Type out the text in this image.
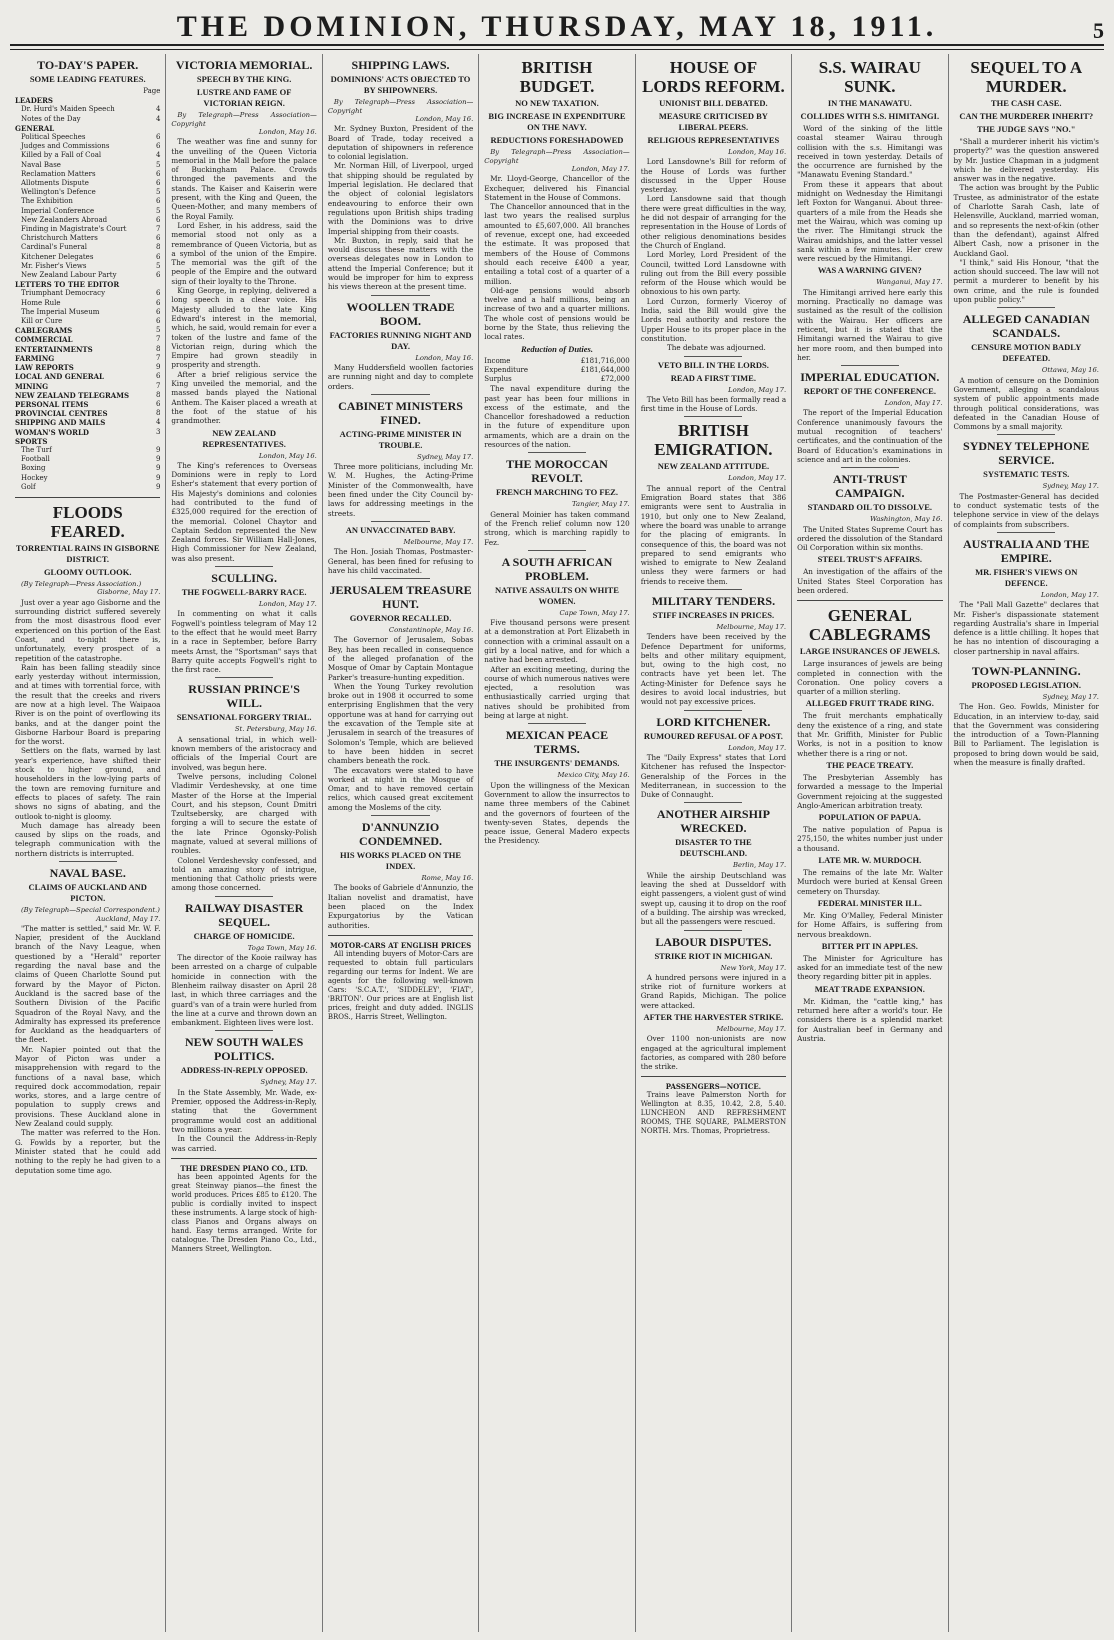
THE DOMINION, THURSDAY, MAY 18, 1911.	5
TO-DAY'S PAPER.
SOME LEADING FEATURES.
Page
LEADERS
Dr. Hurd's Maiden Speech	4
Notes of the Day	4
GENERAL
Political Speeches	6
Judges and Commissions	6
Killed by a Fall of Coal	4
Naval Base	5
Reclamation Matters	6
Allotments Dispute	6
Wellington's Defence	5
The Exhibition	6
Imperial Conference	5
New Zealanders Abroad	6
Finding in Magistrate's Court	7
Christchurch Matters	6
Cardinal's Funeral	8
Kitchener Delegates	6
Mr. Fisher's Views	5
New Zealand Labour Party	6
LETTERS TO THE EDITOR
Triumphant Democracy	6
Home Rule	6
The Imperial Museum	6
Kill or Cure	6
CABLEGRAMS	5
COMMERCIAL	7
ENTERTAINMENTS	8
FARMING	7
LAW REPORTS	9
LOCAL AND GENERAL	6
MINING	7
NEW ZEALAND TELEGRAMS	8
PERSONAL ITEMS	6
PROVINCIAL CENTRES	8
SHIPPING AND MAILS	4
WOMAN'S WORLD	3
SPORTS
The Turf	9
Football	9
Boxing	9
Hockey	9
Golf	9
FLOODS FEARED.
TORRENTIAL RAINS IN GISBORNE DISTRICT.
GLOOMY OUTLOOK.
(By Telegraph—Press Association.)
Gisborne, May 17.

Just over a year ago Gisborne and the surrounding district suffered severely from the most disastrous flood ever experienced on this portion of the East Coast, and to-night there is, unfortunately, every prospect of a repetition of the catastrophe.

Rain has been falling steadily since early yesterday without intermission, and at times with torrential force, with the result that the creeks and rivers are now at a high level. The Waipaoa River is on the point of overflowing its banks, and at the danger point the Gisborne Harbour Board is preparing for the worst.

Settlers on the flats, warned by last year's experience, have shifted their stock to higher ground, and householders in the low-lying parts of the town are removing furniture and effects to places of safety. The rain shows no signs of abating, and the outlook to-night is gloomy.

Much damage has already been caused by slips on the roads, and telegraph communication with the northern districts is interrupted.

NAVAL BASE.
CLAIMS OF AUCKLAND AND PICTON.
(By Telegraph—Special Correspondent.)
Auckland, May 17.

"The matter is settled," said Mr. W. F. Napier, president of the Auckland branch of the Navy League, when questioned by a "Herald" reporter regarding the naval base and the claims of Queen Charlotte Sound put forward by the Mayor of Picton. Auckland is the sacred base of the Southern Division of the Pacific Squadron of the Royal Navy, and the Admiralty has expressed its preference for Auckland as the headquarters of the fleet.

Mr. Napier pointed out that the Mayor of Picton was under a misapprehension with regard to the functions of a naval base, which required dock accommodation, repair works, stores, and a large centre of population to supply crews and provisions. These Auckland alone in New Zealand could supply.

The matter was referred to the Hon. G. Fowlds by a reporter, but the Minister stated that he could add nothing to the reply he had given to a deputation some time ago.

VICTORIA MEMORIAL.
SPEECH BY THE KING.
LUSTRE AND FAME OF VICTORIAN REIGN.
By Telegraph—Press Association—Copyright
London, May 16.

The weather was fine and sunny for the unveiling of the Queen Victoria memorial in the Mall before the palace of Buckingham Palace. Crowds thronged the pavements and the stands. The Kaiser and Kaiserin were present, with the King and Queen, the Queen-Mother, and many members of the Royal Family.

Lord Esher, in his address, said the memorial stood not only as a remembrance of Queen Victoria, but as a symbol of the union of the Empire. The memorial was the gift of the people of the Empire and the outward sign of their loyalty to the Throne.

King George, in replying, delivered a long speech in a clear voice. His Majesty alluded to the late King Edward's interest in the memorial, which, he said, would remain for ever a token of the lustre and fame of the Victorian reign, during which the Empire had grown steadily in prosperity and strength.

After a brief religious service the King unveiled the memorial, and the massed bands played the National Anthem. The Kaiser placed a wreath at the foot of the statue of his grandmother.

NEW ZEALAND REPRESENTATIVES.
London, May 16.

The King's references to Overseas Dominions were in reply to Lord Esher's statement that every portion of His Majesty's dominions and colonies had contributed to the fund of £325,000 required for the erection of the memorial. Colonel Chaytor and Captain Seddon represented the New Zealand forces. Sir William Hall-Jones, High Commissioner for New Zealand, was also present.

SCULLING.
THE FOGWELL-BARRY RACE.
London, May 17.

In commenting on what it calls Fogwell's pointless telegram of May 12 to the effect that he would meet Barry in a race in September, before Barry meets Arnst, the "Sportsman" says that Barry quite accepts Fogwell's right to the first race.

RUSSIAN PRINCE'S WILL.
SENSATIONAL FORGERY TRIAL.
St. Petersburg, May 16.

A sensational trial, in which well-known members of the aristocracy and officials of the Imperial Court are involved, was begun here.

Twelve persons, including Colonel Vladimir Verdeshevsky, at one time Master of the Horse at the Imperial Court, and his stepson, Count Dmitri Tzultsebersky, are charged with forging a will to secure the estate of the late Prince Ogonsky-Polish magnate, valued at several millions of roubles.

Colonel Verdeshevsky confessed, and told an amazing story of intrigue, mentioning that Catholic priests were among those concerned.

RAILWAY DISASTER SEQUEL.
CHARGE OF HOMICIDE.
Toga Town, May 16.

The director of the Kooie railway has been arrested on a charge of culpable homicide in connection with the Blenheim railway disaster on April 28 last, in which three carriages and the guard's van of a train were hurled from the line at a curve and thrown down an embankment. Eighteen lives were lost.

NEW SOUTH WALES POLITICS.
ADDRESS-IN-REPLY OPPOSED.
Sydney, May 17.

In the State Assembly, Mr. Wade, ex-Premier, opposed the Address-in-Reply, stating that the Government programme would cost an additional two millions a year.

In the Council the Address-in-Reply was carried.

THE DRESDEN PIANO CO., LTD.
has been appointed Agents for the great Steinway pianos—the finest the world produces. Prices £85 to £120. The public is cordially invited to inspect these instruments. A large stock of high-class Pianos and Organs always on hand. Easy terms arranged. Write for catalogue. The Dresden Piano Co., Ltd., Manners Street, Wellington.
SHIPPING LAWS.
DOMINIONS' ACTS OBJECTED TO BY SHIPOWNERS.
By Telegraph—Press Association—Copyright
London, May 16.

Mr. Sydney Buxton, President of the Board of Trade, today received a deputation of shipowners in reference to colonial legislation.

Mr. Norman Hill, of Liverpool, urged that shipping should be regulated by Imperial legislation. He declared that the object of colonial legislators endeavouring to enforce their own regulations upon British ships trading with the Dominions was to drive Imperial shipping from their coasts.

Mr. Buxton, in reply, said that he would discuss these matters with the overseas delegates now in London to attend the Imperial Conference; but it would be improper for him to express his views thereon at the present time.

WOOLLEN TRADE BOOM.
FACTORIES RUNNING NIGHT AND DAY.
London, May 16.

Many Huddersfield woollen factories are running night and day to complete orders.

CABINET MINISTERS FINED.
ACTING-PRIME MINISTER IN TROUBLE.
Sydney, May 17.

Three more politicians, including Mr. W. M. Hughes, the Acting-Prime Minister of the Commonwealth, have been fined under the City Council by-laws for addressing meetings in the streets.

AN UNVACCINATED BABY.
Melbourne, May 17.

The Hon. Josiah Thomas, Postmaster-General, has been fined for refusing to have his child vaccinated.

JERUSALEM TREASURE HUNT.
GOVERNOR RECALLED.
Constantinople, May 16.

The Governor of Jerusalem, Sobas Bey, has been recalled in consequence of the alleged profanation of the Mosque of Omar by Captain Montague Parker's treasure-hunting expedition.

When the Young Turkey revolution broke out in 1908 it occurred to some enterprising Englishmen that the very opportune was at hand for carrying out the excavation of the Temple site at Jerusalem in search of the treasures of Solomon's Temple, which are believed to have been hidden in secret chambers beneath the rock.

The excavators were stated to have worked at night in the Mosque of Omar, and to have removed certain relics, which caused great excitement among the Moslems of the city.

D'ANNUNZIO CONDEMNED.
HIS WORKS PLACED ON THE INDEX.
Rome, May 16.

The books of Gabriele d'Annunzio, the Italian novelist and dramatist, have been placed on the Index Expurgatorius by the Vatican authorities.

MOTOR-CARS AT ENGLISH PRICES
All intending buyers of Motor-Cars are requested to obtain full particulars regarding our terms for Indent. We are agents for the following well-known Cars: 'S.C.A.T.', 'SIDDELEY', 'FIAT', 'BRITON'. Our prices are at English list prices, freight and duty added. INGLIS BROS., Harris Street, Wellington.
BRITISH BUDGET.
NO NEW TAXATION.
BIG INCREASE IN EXPENDITURE ON THE NAVY.
REDUCTIONS FORESHADOWED
By Telegraph—Press Association—Copyright
London, May 17.

Mr. Lloyd-George, Chancellor of the Exchequer, delivered his Financial Statement in the House of Commons.

The Chancellor announced that in the last two years the realised surplus amounted to £5,607,000. All branches of revenue, except one, had exceeded the estimate. It was proposed that members of the House of Commons should each receive £400 a year, entailing a total cost of a quarter of a million.

Old-age pensions would absorb twelve and a half millions, being an increase of two and a quarter millions. The whole cost of pensions would be borne by the State, thus relieving the local rates.

Reduction of Duties.
Income	£181,716,000
Expenditure	£181,644,000
Surplus	£72,000

The naval expenditure during the past year has been four millions in excess of the estimate, and the Chancellor foreshadowed a reduction in the future of expenditure upon armaments, which are a drain on the resources of the nation.

THE MOROCCAN REVOLT.
FRENCH MARCHING TO FEZ.
Tangier, May 17.

General Moinier has taken command of the French relief column now 120 strong, which is marching rapidly to Fez.

A SOUTH AFRICAN PROBLEM.
NATIVE ASSAULTS ON WHITE WOMEN.
Cape Town, May 17.

Five thousand persons were present at a demonstration at Port Elizabeth in connection with a criminal assault on a girl by a local native, and for which a native had been arrested.

After an exciting meeting, during the course of which numerous natives were ejected, a resolution was enthusiastically carried urging that natives should be prohibited from being at large at night.

MEXICAN PEACE TERMS.
THE INSURGENTS' DEMANDS.
Mexico City, May 16.

Upon the willingness of the Mexican Government to allow the insurrectos to name three members of the Cabinet and the governors of fourteen of the twenty-seven States, depends the peace issue, General Madero expects the Presidency.

HOUSE OF LORDS REFORM.
UNIONIST BILL DEBATED.
MEASURE CRITICISED BY LIBERAL PEERS.
RELIGIOUS REPRESENTATIVES
London, May 16.

Lord Lansdowne's Bill for reform of the House of Lords was further discussed in the Upper House yesterday.

Lord Lansdowne said that though there were great difficulties in the way, he did not despair of arranging for the representation in the House of Lords of other religious denominations besides the Church of England.

Lord Morley, Lord President of the Council, twitted Lord Lansdowne with ruling out from the Bill every possible reform of the House which would be obnoxious to his own party.

Lord Curzon, formerly Viceroy of India, said the Bill would give the Lords real authority and restore the Upper House to its proper place in the constitution.

The debate was adjourned.

VETO BILL IN THE LORDS.
READ A FIRST TIME.
London, May 17.

The Veto Bill has been formally read a first time in the House of Lords.

BRITISH EMIGRATION.
NEW ZEALAND ATTITUDE.
London, May 17.

The annual report of the Central Emigration Board states that 386 emigrants were sent to Australia in 1910, but only one to New Zealand, where the board was unable to arrange for the placing of emigrants. In consequence of this, the board was not prepared to send emigrants who wished to emigrate to New Zealand unless they were farmers or had friends to receive them.

MILITARY TENDERS.
STIFF INCREASES IN PRICES.
Melbourne, May 17.

Tenders have been received by the Defence Department for uniforms, belts and other military equipment, but, owing to the high cost, no contracts have yet been let. The Acting-Minister for Defence says he desires to avoid local industries, but would not pay excessive prices.

LORD KITCHENER.
RUMOURED REFUSAL OF A POST.
London, May 17.

The "Daily Express" states that Lord Kitchener has refused the Inspector-Generalship of the Forces in the Mediterranean, in succession to the Duke of Connaught.

ANOTHER AIRSHIP WRECKED.
DISASTER TO THE DEUTSCHLAND.
Berlin, May 17.

While the airship Deutschland was leaving the shed at Dusseldorf with eight passengers, a violent gust of wind swept up, causing it to drop on the roof of a building. The airship was wrecked, but all the passengers were rescued.

LABOUR DISPUTES.
STRIKE RIOT IN MICHIGAN.
New York, May 17.

A hundred persons were injured in a strike riot of furniture workers at Grand Rapids, Michigan. The police were attacked.

AFTER THE HARVESTER STRIKE.
Melbourne, May 17.

Over 1100 non-unionists are now engaged at the agricultural implement factories, as compared with 280 before the strike.

PASSENGERS—NOTICE.
Trains leave Palmerston North for Wellington at 8.35, 10.42, 2.8, 5.40. LUNCHEON AND REFRESHMENT ROOMS, THE SQUARE, PALMERSTON NORTH. Mrs. Thomas, Proprietress.
S.S. WAIRAU SUNK.
IN THE MANAWATU.
COLLIDES WITH S.S. HIMITANGI.

Word of the sinking of the little coastal steamer Wairau through collision with the s.s. Himitangi was received in town yesterday. Details of the occurrence are furnished by the "Manawatu Evening Standard."

From these it appears that about midnight on Wednesday the Himitangi left Foxton for Wanganui. About three-quarters of a mile from the Heads she met the Wairau, which was coming up the river. The Himitangi struck the Wairau amidships, and the latter vessel sank within a few minutes. Her crew were rescued by the Himitangi.

WAS A WARNING GIVEN?
Wanganui, May 17.

The Himitangi arrived here early this morning. Practically no damage was sustained as the result of the collision with the Wairau. Her officers are reticent, but it is stated that the Himitangi warned the Wairau to give her more room, and then bumped into her.

IMPERIAL EDUCATION.
REPORT OF THE CONFERENCE.
London, May 17.

The report of the Imperial Education Conference unanimously favours the mutual recognition of teachers' certificates, and the continuation of the Board of Education's examinations in science and art in the colonies.

ANTI-TRUST CAMPAIGN.
STANDARD OIL TO DISSOLVE.
Washington, May 16.

The United States Supreme Court has ordered the dissolution of the Standard Oil Corporation within six months.

STEEL TRUST'S AFFAIRS.

An investigation of the affairs of the United States Steel Corporation has been ordered.

GENERAL CABLEGRAMS
LARGE INSURANCES OF JEWELS.

Large insurances of jewels are being completed in connection with the Coronation. One policy covers a quarter of a million sterling.

ALLEGED FRUIT TRADE RING.

The fruit merchants emphatically deny the existence of a ring, and state that Mr. Griffith, Minister for Public Works, is not in a position to know whether there is a ring or not.

THE PEACE TREATY.

The Presbyterian Assembly has forwarded a message to the Imperial Government rejoicing at the suggested Anglo-American arbitration treaty.

POPULATION OF PAPUA.

The native population of Papua is 275,150, the whites number just under a thousand.

LATE MR. W. MURDOCH.

The remains of the late Mr. Walter Murdoch were buried at Kensal Green cemetery on Thursday.

FEDERAL MINISTER ILL.

Mr. King O'Malley, Federal Minister for Home Affairs, is suffering from nervous breakdown.

BITTER PIT IN APPLES.

The Minister for Agriculture has asked for an immediate test of the new theory regarding bitter pit in apples.

MEAT TRADE EXPANSION.

Mr. Kidman, the "cattle king," has returned here after a world's tour. He considers there is a splendid market for Australian beef in Germany and Austria.

SEQUEL TO A MURDER.
THE CASH CASE.
CAN THE MURDERER INHERIT?
THE JUDGE SAYS "NO."

"Shall a murderer inherit his victim's property?" was the question answered by Mr. Justice Chapman in a judgment which he delivered yesterday. His answer was in the negative.

The action was brought by the Public Trustee, as administrator of the estate of Charlotte Sarah Cash, late of Helensville, Auckland, married woman, and so represents the next-of-kin (other than the defendant), against Alfred Albert Cash, now a prisoner in the Auckland Gaol.

"I think," said His Honour, "that the action should succeed. The law will not permit a murderer to benefit by his own crime, and the rule is founded upon public policy."

ALLEGED CANADIAN SCANDALS.
CENSURE MOTION BADLY DEFEATED.
Ottawa, May 16.

A motion of censure on the Dominion Government, alleging a scandalous system of public appointments made through political considerations, was defeated in the Canadian House of Commons by a small majority.

SYDNEY TELEPHONE SERVICE.
SYSTEMATIC TESTS.
Sydney, May 17.

The Postmaster-General has decided to conduct systematic tests of the telephone service in view of the delays of complaints from subscribers.

AUSTRALIA AND THE EMPIRE.
MR. FISHER'S VIEWS ON DEFENCE.
London, May 17.

The "Pall Mall Gazette" declares that Mr. Fisher's dispassionate statement regarding Australia's share in Imperial defence is a little chilling. It hopes that he has no intention of discouraging a closer partnership in naval affairs.

TOWN-PLANNING.
PROPOSED LEGISLATION.
Sydney, May 17.

The Hon. Geo. Fowlds, Minister for Education, in an interview to-day, said that the Government was considering the introduction of a Town-Planning Bill to Parliament. The legislation is proposed to bring down would be said, when the measure is finally drafted.
